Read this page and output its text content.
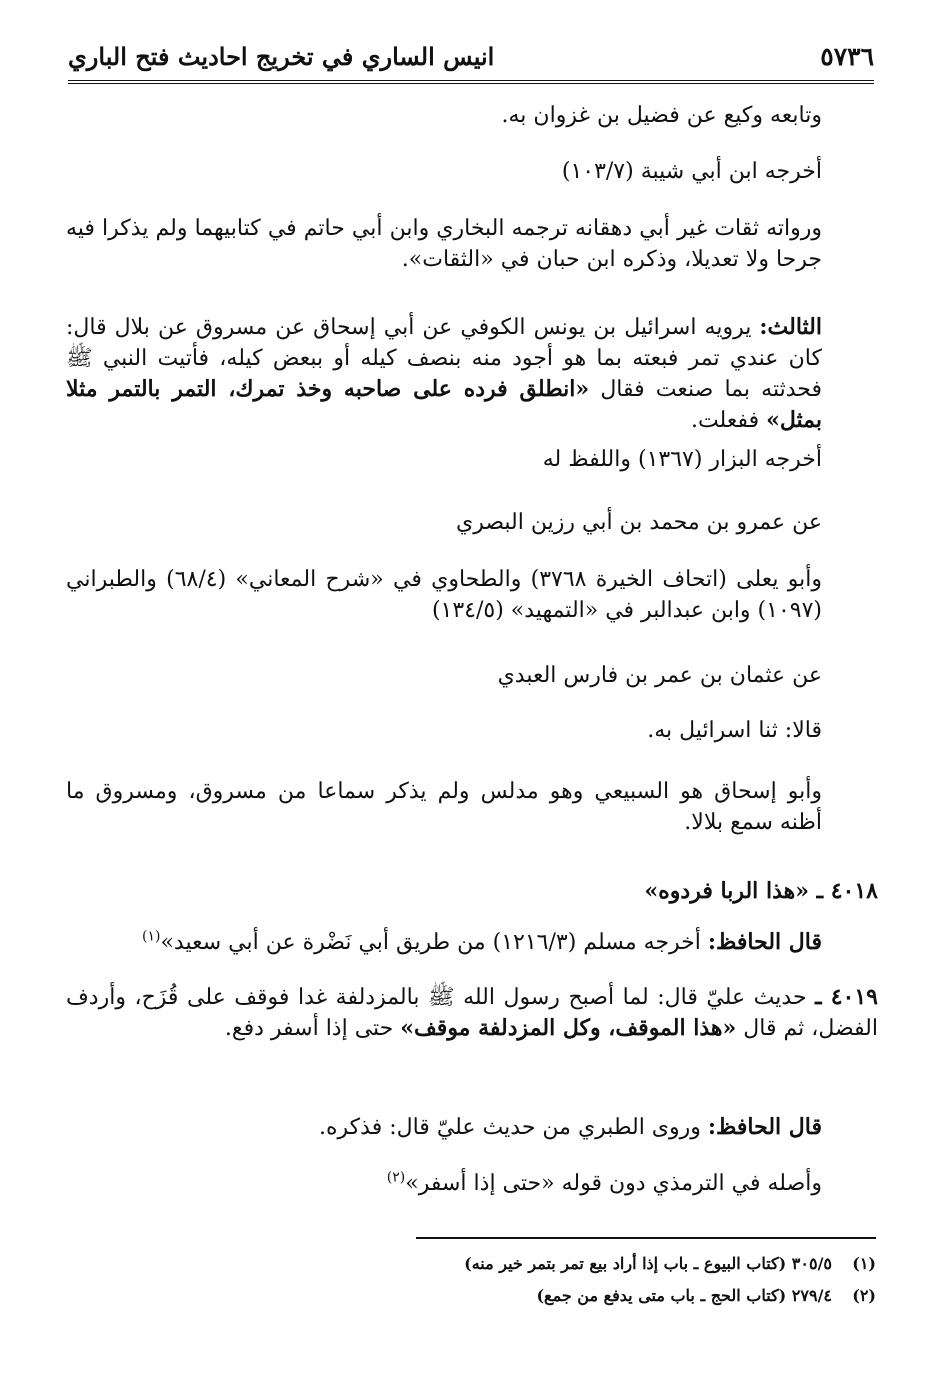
٥٧٣٦
انيس الساري في تخريج احاديث فتح الباري

وتابعه وكيع عن فضيل بن غزوان به.

أخرجه ابن أبي شيبة (١٠٣/٧)

ورواته ثقات غير أبي دهقانه ترجمه البخاري وابن أبي حاتم في كتابيهما ولم يذكرا فيه جرحا ولا تعديلا، وذكره ابن حبان في «الثقات».

الثالث: يرويه اسرائيل بن يونس الكوفي عن أبي إسحاق عن مسروق عن بلال قال: كان عندي تمر فبعته بما هو أجود منه بنصف كيله أو ببعض كيله، فأتيت النبي ﷺ فحدثته بما صنعت فقال «انطلق فرده على صاحبه وخذ تمرك، التمر بالتمر مثلا بمثل» ففعلت.

أخرجه البزار (١٣٦٧) واللفظ له

عن عمرو بن محمد بن أبي رزين البصري

وأبو يعلى (اتحاف الخيرة ٣٧٦٨) والطحاوي في «شرح المعاني» (٦٨/٤) والطبراني (١٠٩٧) وابن عبدالبر في «التمهيد» (١٣٤/٥)

عن عثمان بن عمر بن فارس العبدي

قالا: ثنا اسرائيل به.

وأبو إسحاق هو السبيعي وهو مدلس ولم يذكر سماعا من مسروق، ومسروق ما أظنه سمع بلالا.

٤٠١٨ ـ «هذا الربا فردوه»

قال الحافظ: أخرجه مسلم (١٢١٦/٣) من طريق أبي نَضْرة عن أبي سعيد»$^{(١)}$

٤٠١٩ ـ حديث عليّ قال: لما أصبح رسول الله ﷺ بالمزدلفة غدا فوقف على قُزَح، وأردف الفضل، ثم قال «هذا الموقف، وكل المزدلفة موقف» حتى إذا أسفر دفع.

قال الحافظ: وروى الطبري من حديث عليّ قال: فذكره.

وأصله في الترمذي دون قوله «حتى إذا أسفر»$^{(٢)}$

(١)٣٠٥/٥ (كتاب البيوع ـ باب إذا أراد بيع تمر بتمر خير منه)

(٢)٢٧٩/٤ (كتاب الحج ـ باب متى يدفع من جمع)
